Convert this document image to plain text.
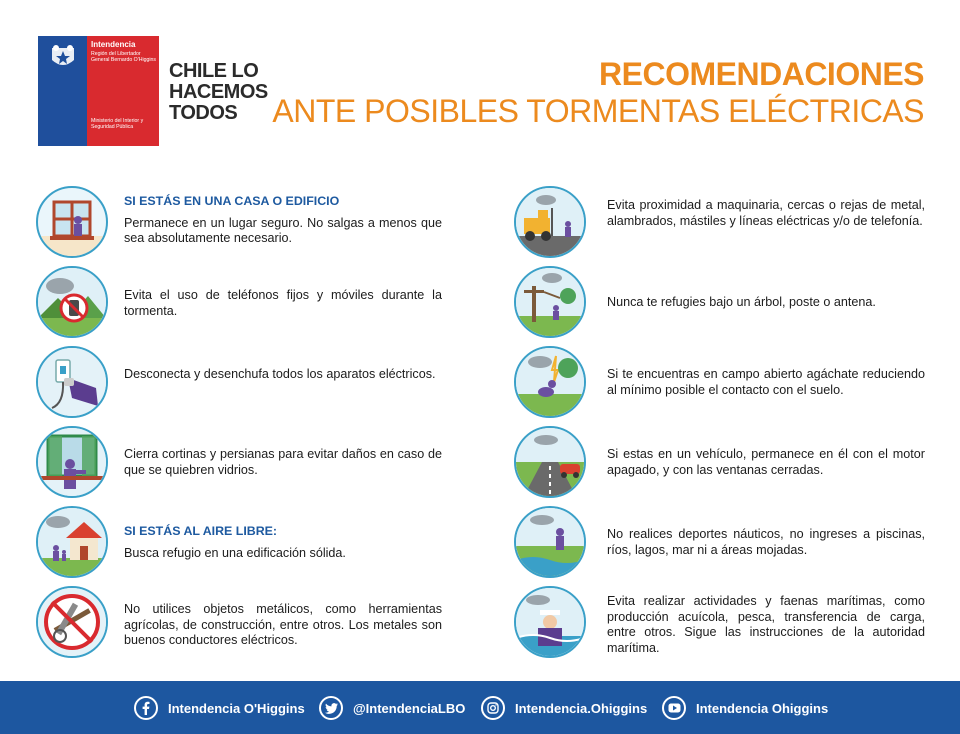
Intendencia
Región del Libertador General Bernardo O'Higgins
Ministerio del Interior y Seguridad Pública
CHILE LO
HACEMOS
TODOS
RECOMENDACIONES
ANTE POSIBLES TORMENTAS ELÉCTRICAS
SI ESTÁS EN UNA CASA O EDIFICIO
Permanece en un lugar seguro. No salgas a menos que sea absolutamente necesario.
Evita el uso de teléfonos fijos y móviles durante la tormenta.
Desconecta y desenchufa todos los aparatos eléctricos.
Cierra cortinas y persianas para evitar daños en caso de que se quiebren vidrios.
SI ESTÁS AL AIRE LIBRE:
Busca refugio en una edificación sólida.
No utilices objetos metálicos, como herramientas agrícolas, de construcción, entre otros. Los metales son buenos conductores eléctricos.
Evita proximidad a maquinaria, cercas o rejas de metal, alambrados, mástiles y líneas eléctricas y/o de telefonía.
Nunca te refugies bajo un árbol, poste o antena.
Si te encuentras en campo abierto agáchate reduciendo al mínimo posible el contacto con el suelo.
Si estas en un vehículo, permanece en él con el motor apagado, y con las ventanas cerradas.
No realices deportes náuticos, no ingreses a piscinas, ríos, lagos, mar ni a áreas mojadas.
Evita realizar actividades y faenas marítimas, como producción acuícola, pesca, transferencia de carga, entre otros. Sigue las instrucciones de la autoridad marítima.
Intendencia O'Higgins	@IntendenciaLBO	Intendencia.Ohiggins	Intendencia Ohiggins
